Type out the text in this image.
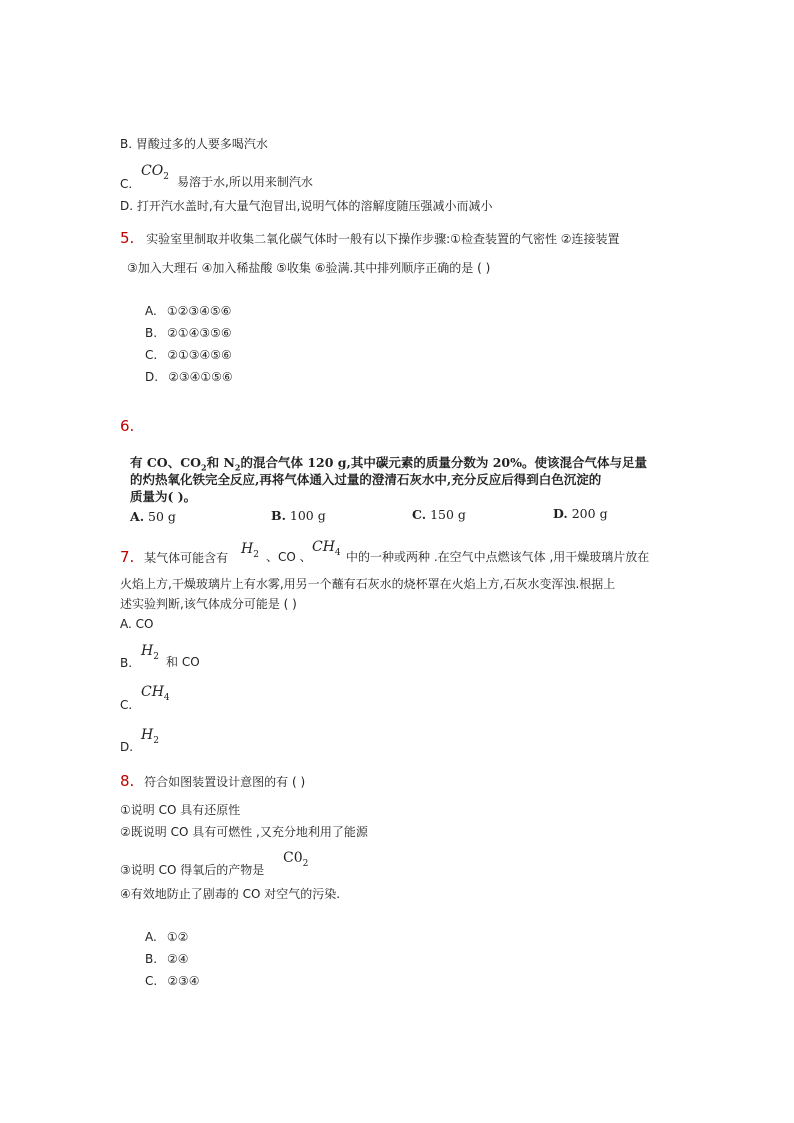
B. 胃酸过多的人要多喝汽水
C.
$CO_2$ 易溶于水,所以用来制汽水
D. 打开汽水盖时,有大量气泡冒出,说明气体的溶解度随压强减小而减小
5. 实验室里制取并收集二氧化碳气体时一般有以下操作步骤:①检查装置的气密性 ②连接装置
③加入大理石 ④加入稀盐酸 ⑤收集 ⑥验满.其中排列顺序正确的是 ( )
A. ①②③④⑤⑥
B. ②①④③⑤⑥
C. ②①③④⑤⑥
D. ②③④①⑤⑥
6.
有 CO、$CO_2$和 $N_2$的混合气体 120 g,其中碳元素的质量分数为 20%。使该混合气体与足量
的灼热氧化铁完全反应,再将气体通入过量的澄清石灰水中,充分反应后得到白色沉淀的
质量为( )。
A. 50 g	B. 100 g	C. 150 g	D. 200 g
7. 某气体可能含有
$H_2$ 、CO 、
$CH_4$ 中的一种或两种 .在空气中点燃该气体 ,用干燥玻璃片放在
火焰上方,干燥玻璃片上有水雾,用另一个蘸有石灰水的烧杯罩在火焰上方,石灰水变浑浊.根据上
述实验判断,该气体成分可能是 ( )
A. CO
B.
$H_2$ 和 CO
C.
$CH_4$
D.
$H_2$
8. 符合如图装置设计意图的有 ( )
①说明 CO 具有还原性
②既说明 CO 具有可燃性 ,又充分地利用了能源
③说明 CO 得氧后的产物是
$C0_2$
④有效地防止了剧毒的 CO 对空气的污染.
A. ①②
B. ②④
C. ②③④
